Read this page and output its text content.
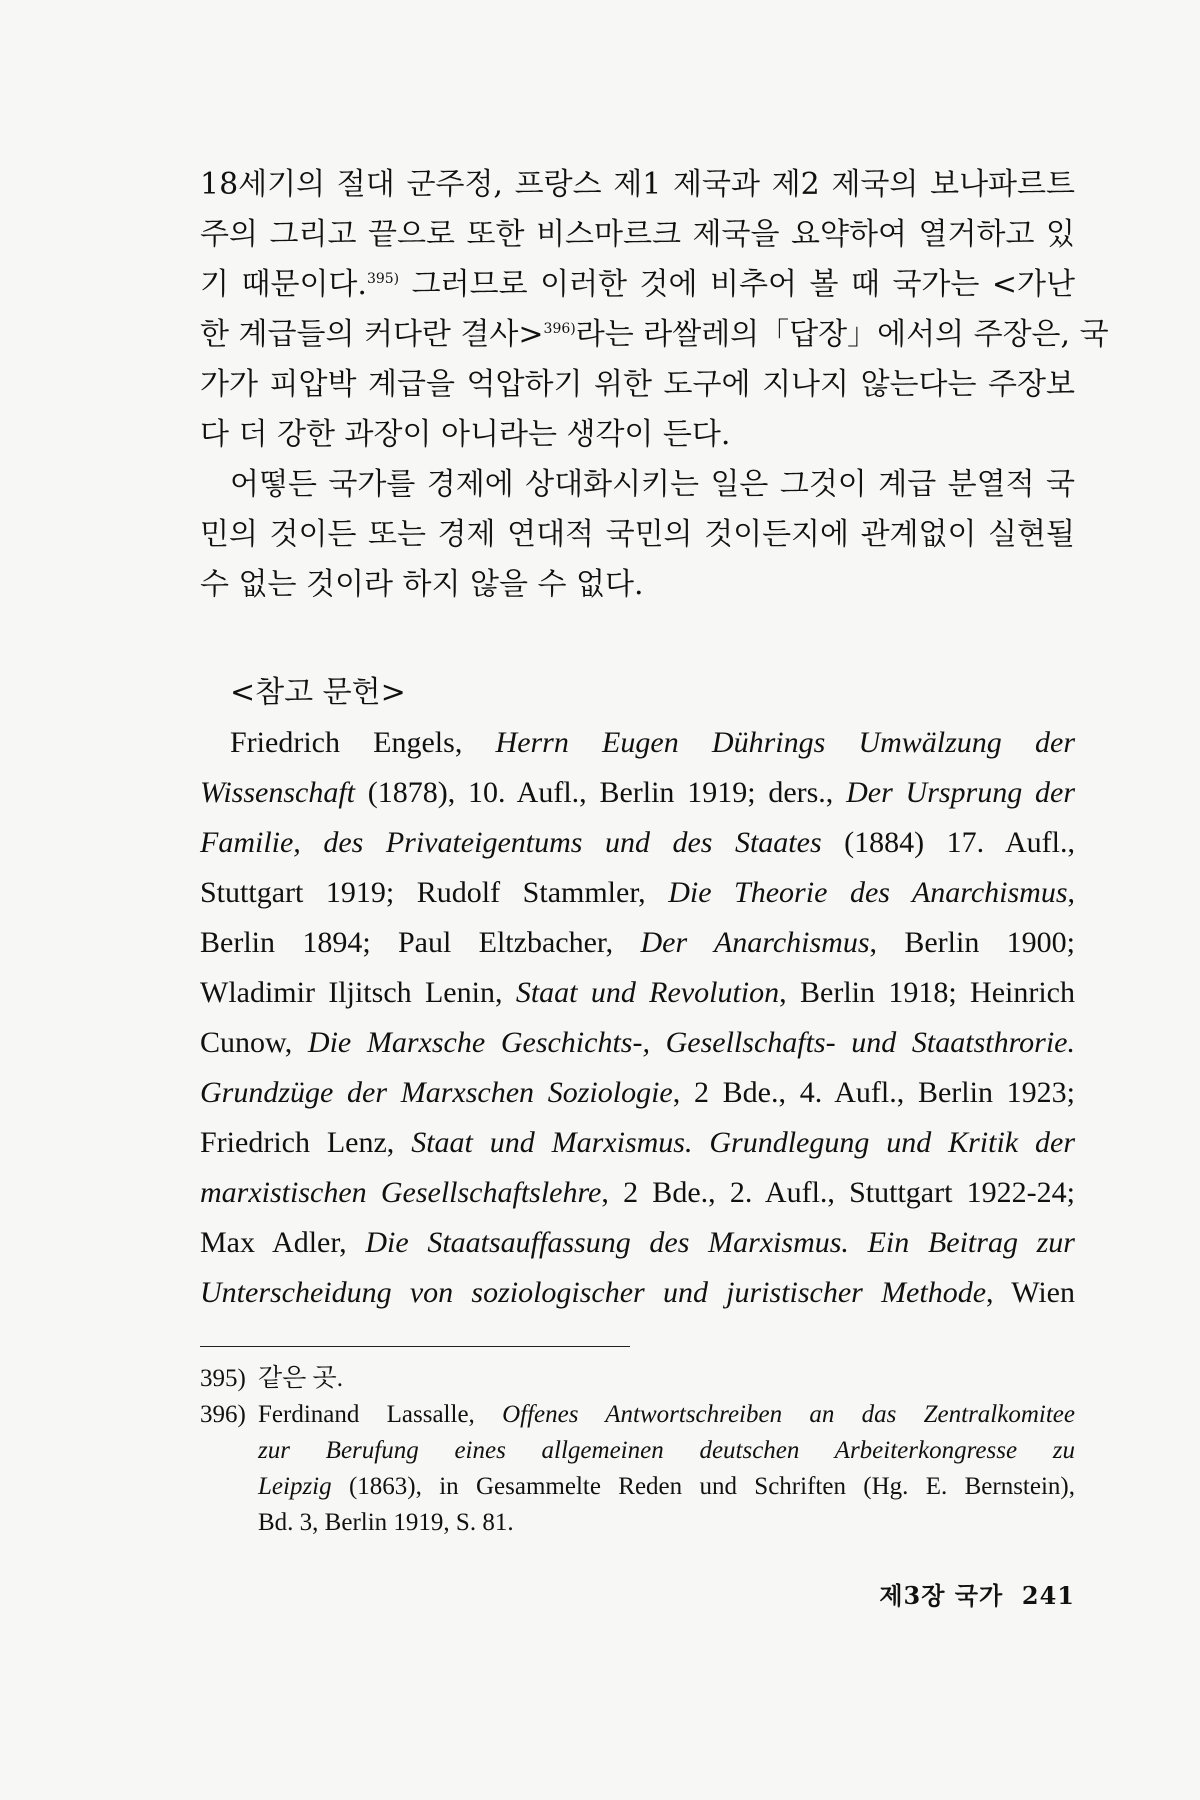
18세기의 절대 군주정, 프랑스 제1 제국과 제2 제국의 보나파르트
주의 그리고 끝으로 또한 비스마르크 제국을 요약하여 열거하고 있
기 때문이다.$^{395)}$ 그러므로 이러한 것에 비추어 볼 때 국가는 <가난
한 계급들의 커다란 결사>$^{396)}$라는 라쌀레의「답장」에서의 주장은, 국
가가 피압박 계급을 억압하기 위한 도구에 지나지 않는다는 주장보
다 더 강한 과장이 아니라는 생각이 든다.

어떻든 국가를 경제에 상대화시키는 일은 그것이 계급 분열적 국
민의 것이든 또는 경제 연대적 국민의 것이든지에 관계없이 실현될
수 없는 것이라 하지 않을 수 없다.

<참고 문헌>
Friedrich Engels, Herrn Eugen Dührings Umwälzung der
Wissenschaft (1878), 10. Aufl., Berlin 1919; ders., Der Ursprung der
Familie, des Privateigentums und des Staates (1884) 17. Aufl.,
Stuttgart 1919; Rudolf Stammler, Die Theorie des Anarchismus,
Berlin 1894; Paul Eltzbacher, Der Anarchismus, Berlin 1900;
Wladimir Iljitsch Lenin, Staat und Revolution, Berlin 1918; Heinrich
Cunow, Die Marxsche Geschichts-, Gesellschafts- und Staatsthrorie.
Grundzüge der Marxschen Soziologie, 2 Bde., 4. Aufl., Berlin 1923;
Friedrich Lenz, Staat und Marxismus. Grundlegung und Kritik der
marxistischen Gesellschaftslehre, 2 Bde., 2. Aufl., Stuttgart 1922-24;
Max Adler, Die Staatsauffassung des Marxismus. Ein Beitrag zur
Unterscheidung von soziologischer und juristischer Methode, Wien
395) 같은 곳.
396) Ferdinand Lassalle, Offenes Antwortschreiben an das Zentralkomitee
zur Berufung eines allgemeinen deutschen Arbeiterkongresse zu
Leipzig (1863), in Gesammelte Reden und Schriften (Hg. E. Bernstein),
Bd. 3, Berlin 1919, S. 81.
제3장 국가 241
